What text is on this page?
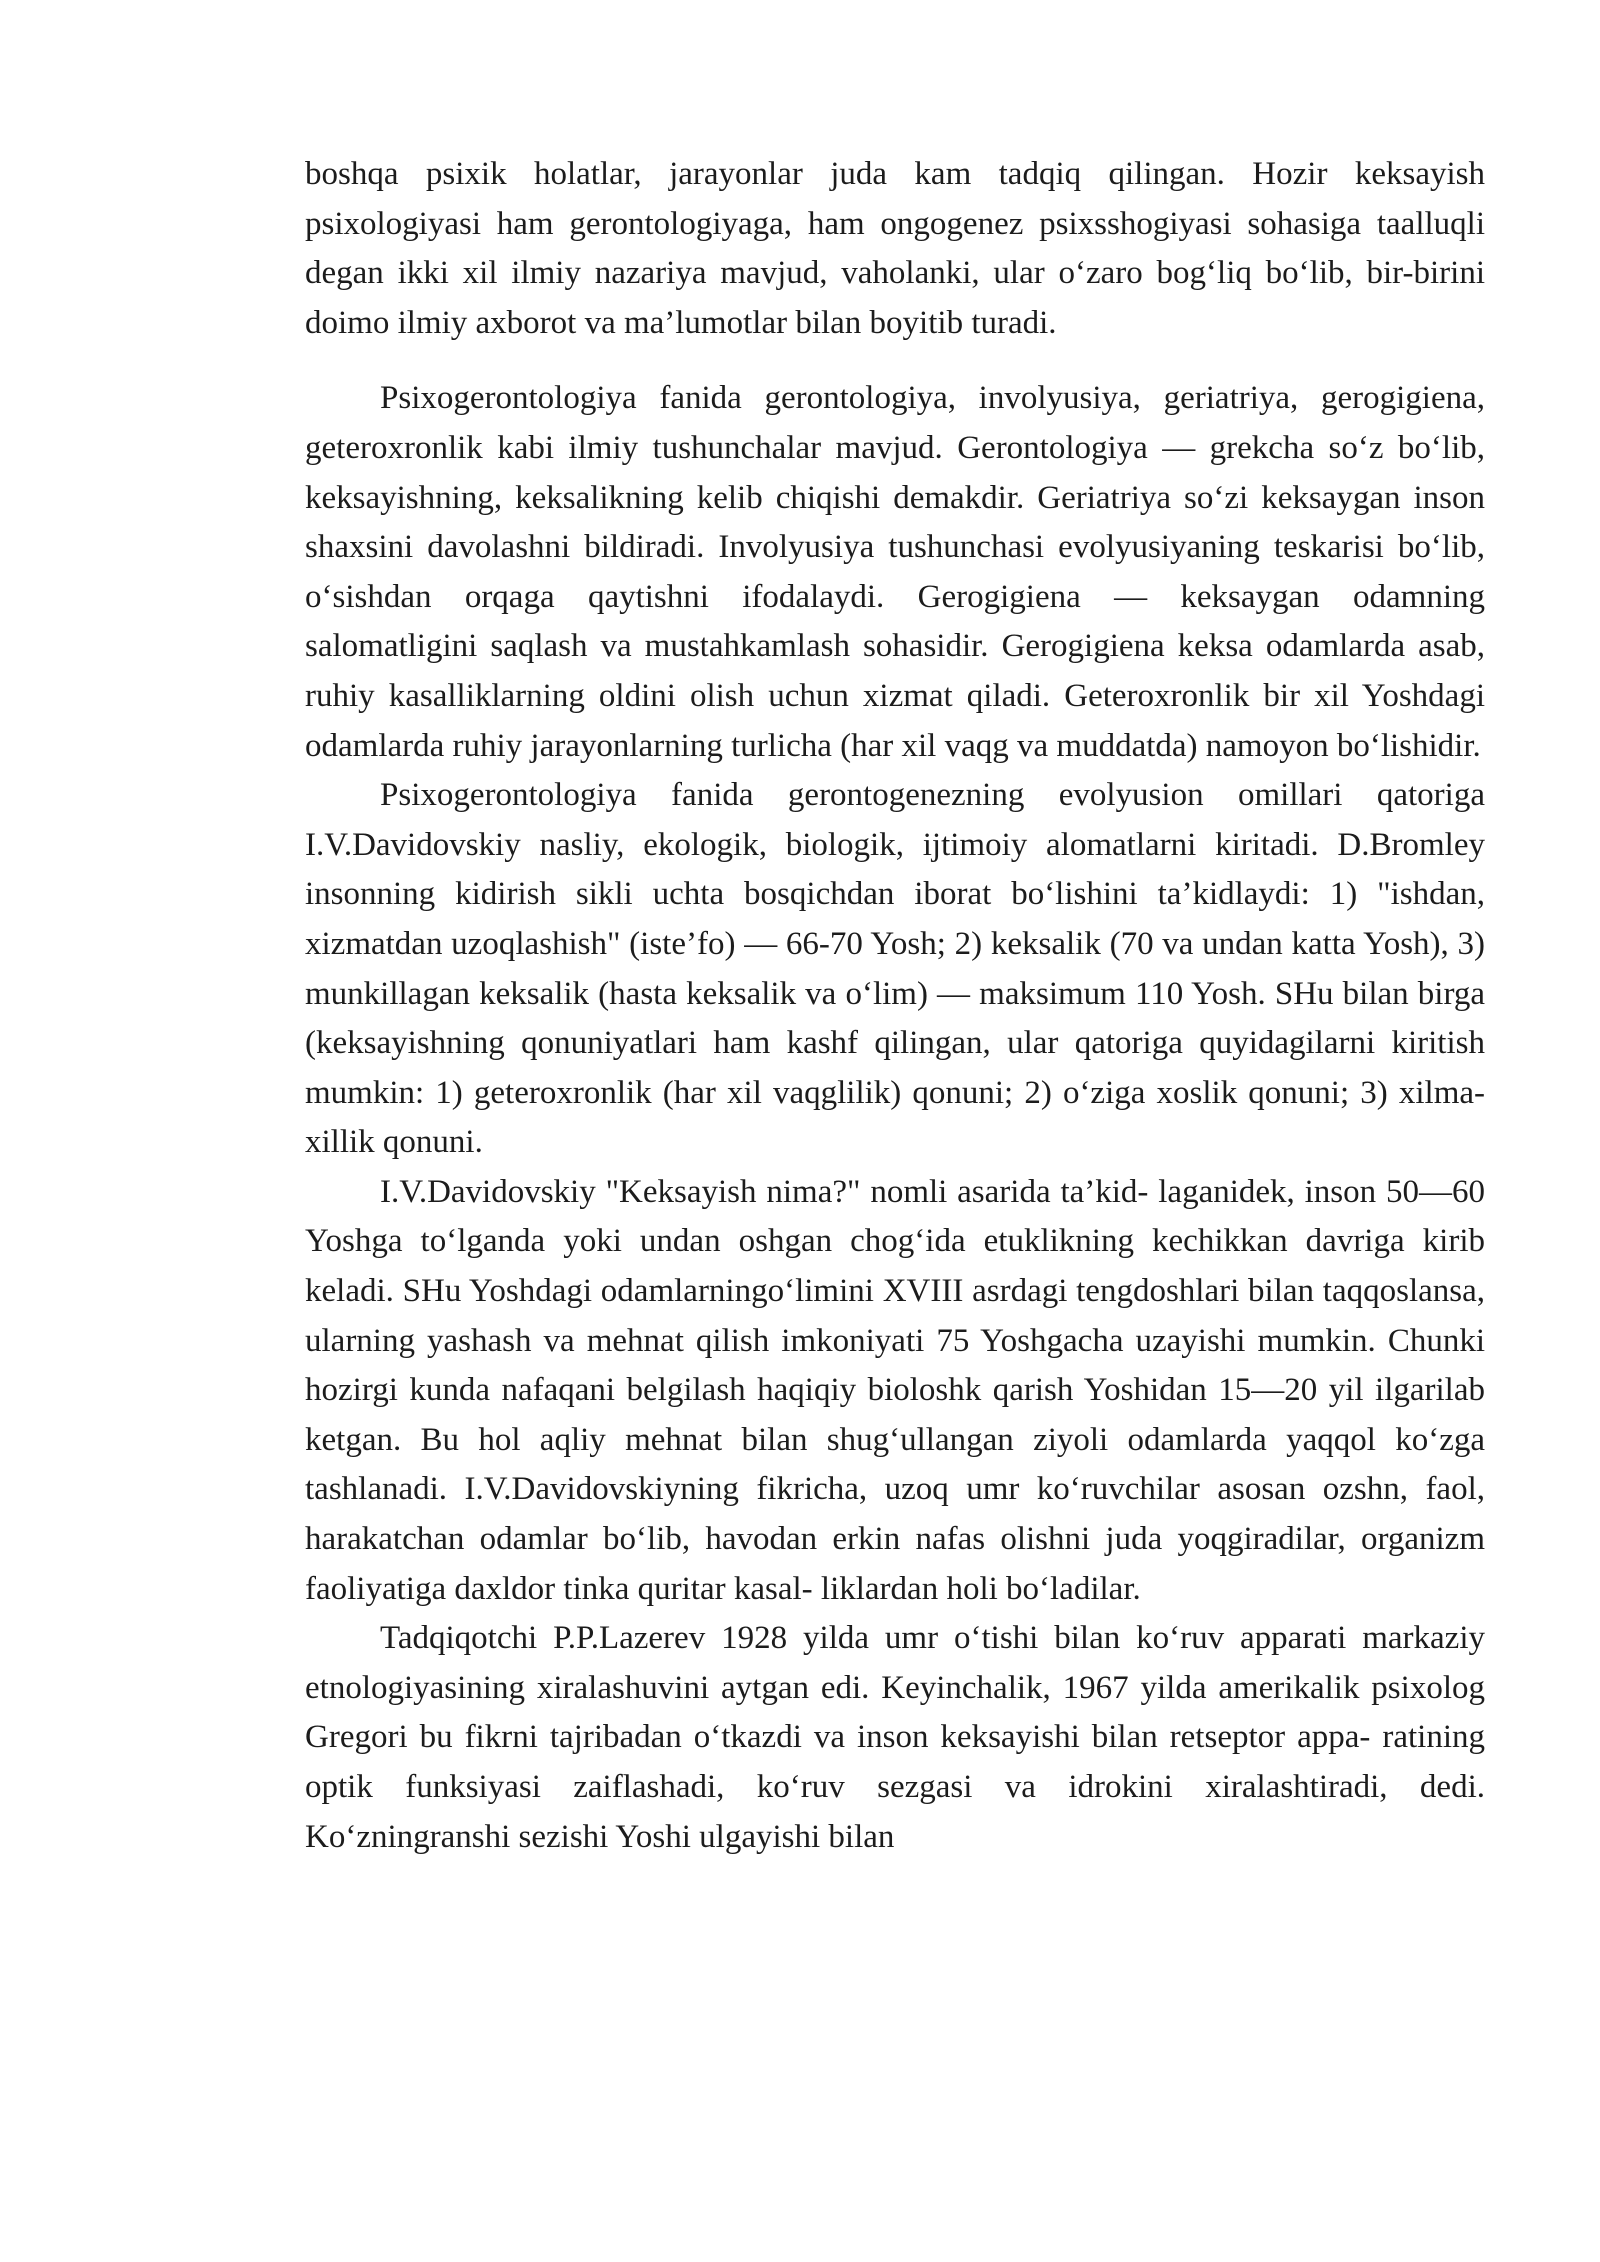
boshqa psixik holatlar, jarayonlar juda kam tadqiq qilingan. Hozir keksayish psixologiyasi ham gerontologiyaga, ham ongogenez psixsshogiyasi sohasiga taalluqli degan ikki xil ilmiy nazariya mavjud, vaholanki, ular o‘zaro bog‘liq bo‘lib, bir-birini doimo ilmiy axborot va ma’lumotlar bilan boyitib turadi.

Psixogerontologiya fanida gerontologiya, involyusiya, geriatriya, gerogigiena, geteroxronlik kabi ilmiy tushunchalar mavjud. Gerontologiya — grekcha so‘z bo‘lib, keksayishning, keksalikning kelib chiqishi demakdir. Geriatriya so‘zi keksaygan inson shaxsini davolashni bildiradi. Involyusiya tushunchasi evolyusiyaning teskarisi bo‘lib, o‘sishdan orqaga qaytishni ifodalaydi. Gerogigiena — keksaygan odamning salomatligini saqlash va mustahkamlash sohasidir. Gerogigiena keksa odamlarda asab, ruhiy kasalliklarning oldini olish uchun xizmat qiladi. Geteroxronlik bir xil Yoshdagi odamlarda ruhiy jarayonlarning turlicha (har xil vaqg va muddatda) namoyon bo‘lishidir.

Psixogerontologiya fanida gerontogenezning evolyusion omillari qatoriga I.V.Davidovskiy nasliy, ekologik, biologik, ijtimoiy alomatlarni kiritadi. D.Bromley insonning kidirish sikli uchta bosqichdan iborat bo‘lishini ta’kidlaydi: 1) "ishdan, xizmatdan uzoqlashish" (iste’fo) — 66-70 Yosh; 2) keksalik (70 va undan katta Yosh), 3) munkillagan keksalik (hasta keksalik va o‘lim) — maksimum 110 Yosh. SHu bilan birga (keksayishning qonuniyatlari ham kashf qilingan, ular qatoriga quyidagilarni kiritish mumkin: 1) geteroxronlik (har xil vaqglilik) qonuni; 2) o‘ziga xoslik qonuni; 3) xilma-xillik qonuni.

I.V.Davidovskiy "Keksayish nima?" nomli asarida ta’kid- laganidek, inson 50—60 Yoshga to‘lganda yoki undan oshgan chog‘ida etuklikning kechikkan davriga kirib keladi. SHu Yoshdagi odamlarningo‘limini XVIII asrdagi tengdoshlari bilan taqqoslansa, ularning yashash va mehnat qilish imkoniyati 75 Yoshgacha uzayishi mumkin. Chunki hozirgi kunda nafaqani belgilash haqiqiy bioloshk qarish Yoshidan 15—20 yil ilgarilab ketgan. Bu hol aqliy mehnat bilan shug‘ullangan ziyoli odamlarda yaqqol ko‘zga tashlanadi. I.V.Davidovskiyning fikricha, uzoq umr ko‘ruvchilar asosan ozshn, faol, harakatchan odamlar bo‘lib, havodan erkin nafas olishni juda yoqgiradilar, organizm faoliyatiga daxldor tinka quritar kasal- liklardan holi bo‘ladilar.

Tadqiqotchi P.P.Lazerev 1928 yilda umr o‘tishi bilan ko‘ruv apparati markaziy etnologiyasining xiralashuvini aytgan edi. Keyinchalik, 1967 yilda amerikalik psixolog Gregori bu fikrni tajribadan o‘tkazdi va inson keksayishi bilan retseptor appa- ratining optik funksiyasi zaiflashadi, ko‘ruv sezgasi va idrokini xiralashtiradi, dedi. Ko‘zningranshi sezishi Yoshi ulgayishi bilan
